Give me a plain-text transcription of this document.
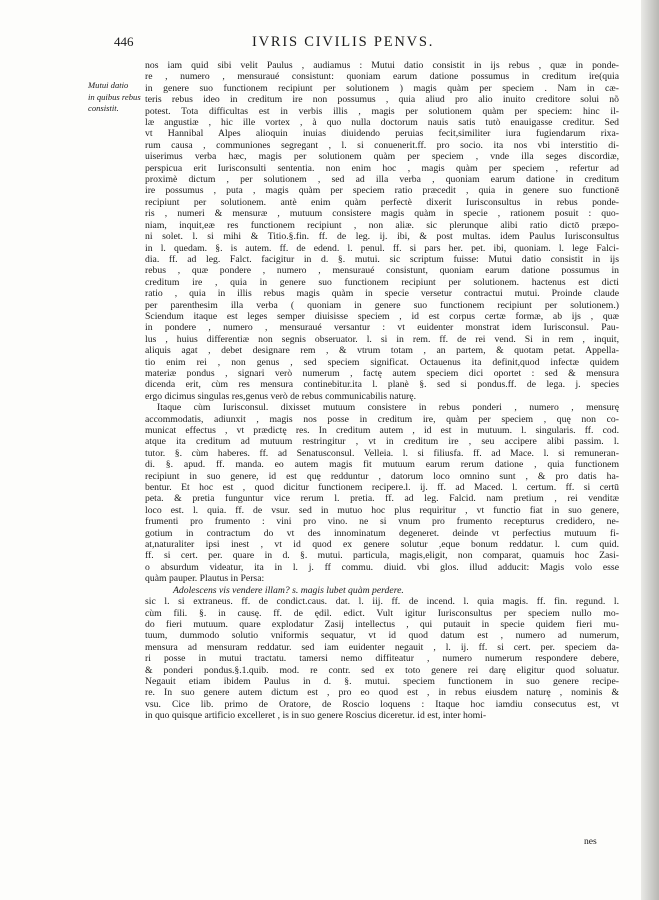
446	IVRIS CIVILIS PENVS.
Mutui datio
in quibus rebus
consistit.
nos iam quid sibi velit Paulus , audiamus : Mutui datio consistit in ijs rebus , quæ in ponde-
re , numero , mensuraué consistunt: quoniam earum datione possumus in creditum ire(quia
in genere suo functionem recipiunt per solutionem ) magis quàm per speciem . Nam in cæ-
teris rebus ideo in creditum ire non possumus , quia aliud pro alio inuito creditore solui nõ
potest. Tota difficultas est in verbis illis , magis per solutionem quàm per speciem: hinc il-
læ angustiæ , hic ille vortex , à quo nulla doctorum nauis satis tutò enauigasse creditur. Sed
vt Hannibal Alpes alioquin inuias diuidendo peruias fecit,similiter iura fugiendarum rixa-
rum causa , communiones segregant , l. si conuenerit.ff. pro socio. ita nos vbi interstitio di-
uiserimus verba hæc, magis per solutionem quàm per speciem , vnde illa seges discordiæ,
perspicua erit Iurisconsulti sententia. non enim hoc , magis quàm per speciem , refertur ad
proximè dictum , per solutionem , sed ad illa verba , quoniam earum datione in creditum
ire possumus , puta , magis quàm per speciem ratio præcedit , quia in genere suo functionē
recipiunt per solutionem. antè enim quàm perfectè dixerit Iurisconsultus in rebus ponde-
ris , numeri & mensuræ , mutuum consistere magis quàm in specie , rationem posuit : quo-
niam, inquit,eæ res functionem recipiunt , non aliæ. sic plerunque alibi ratio dictō præpo-
ni solet. l. si mihi & Titio.§.fin. ff. de leg. ij. ibi, & post multas. idem Paulus Iurisconsultus
in l. quedam. §. is autem. ff. de edend. l. penul. ff. si pars her. pet. ibi, quoniam. l. lege Falci-
dia. ff. ad leg. Falct. facigitur in d. §. mutui. sic scriptum fuisse: Mutui datio consistit in ijs
rebus , quæ pondere , numero , mensuraué consistunt, quoniam earum datione possumus in
creditum ire , quia in genere suo functionem recipiunt per solutionem. hactenus est dicti
ratio , quia in illis rebus magis quàm in specie versetur contractui mutui. Proinde claude
per parenthesim illa verba ( quoniam in genere suo functionem recipiunt per solutionem.)
Sciendum itaque est leges semper diuisisse speciem , id est corpus certæ formæ, ab ijs , quæ
in pondere , numero , mensuraué versantur : vt euidenter monstrat idem Iurisconsul. Pau-
lus , huius differentiæ non segnis obseruator. l. si in rem. ff. de rei vend. Si in rem , inquit,
aliquis agat , debet designare rem , & vtrum totam , an partem, & quotam petat. Appella-
tio enim rei , non genus , sed speciem significat. Octauenus ita definit,quod infectæ quidem
materiæ pondus , signari verò numerum , factę autem speciem dici oportet : sed & mensura
dicenda erit, cùm res mensura continebitur.ita l. planè §. sed si pondus.ff. de lega. j. species
ergo dicimus singulas res,genus verò de rebus communicabilis naturę.
Itaque cùm Iurisconsul. dixisset mutuum consistere in rebus ponderi , numero , mensurę
accommodatis, adiunxit , magis nos posse in creditum ire, quàm per speciem , quę non co-
municat effectus , vt prædictę res. In creditum autem , id est in mutuum. l. singularis. ff. cod.
atque ita creditum ad mutuum restringitur , vt in creditum ire , seu accipere alibi passim. l.
tutor. §. cùm haberes. ff. ad Senatusconsul. Velleia. l. si filiusfa. ff. ad Mace. l. si remuneran-
di. §. apud. ff. manda. eo autem magis fit mutuum earum rerum datione , quia functionem
recipiunt in suo genere, id est quę redduntur , datorum loco omnino sunt , & pro datis ha-
bentur. Et hoc est , quod dicitur functionem recipere.l. ij. ff. ad Maced. l. certum. ff. si certū
peta. & pretia funguntur vice rerum l. pretia. ff. ad leg. Falcid. nam pretium , rei venditæ
loco est. l. quia. ff. de vsur. sed in mutuo hoc plus requiritur , vt functio fiat in suo genere,
frumenti pro frumento : vini pro vino. ne si vnum pro frumento recepturus credidero, ne-
gotium in contractum do vt des innominatum degeneret. deinde vt perfectius mutuum fi-
at,naturaliter ipsi inest , vt id quod ex genere solutur ,eque bonum reddatur. l. cum quid.
ff. si cert. per. quare in d. §. mutui. particula, magis,eligit, non comparat, quamuis hoc Zasi-
o absurdum videatur, ita in l. j. ff commu. diuid. vbi glos. illud adducit: Magis volo esse
quàm pauper. Plautus in Persa:
Adolescens vis vendere illam? s. magis lubet quàm perdere.
sic l. si extraneus. ff. de condict.caus. dat. l. iij. ff. de incend. l. quia magis. ff. fin. regund. l.
cùm fili. §. in causę. ff. de ędil. edict. Vult igitur Iurisconsultus per speciem nullo mo-
do fieri mutuum. quare explodatur Zasij intellectus , qui putauit in specie quidem fieri mu-
tuum, dummodo solutio vniformis sequatur, vt id quod datum est , numero ad numerum,
mensura ad mensuram reddatur. sed iam euidenter negauit , l. ij. ff. si cert. per. speciem da-
ri posse in mutui tractatu. tamersi nemo diffiteatur , numero numerum respondere debere,
& ponderi pondus.§.1.quib. mod. re contr. sed ex toto genere rei darę eligitur quod soluatur.
Negauit etiam ibidem Paulus in d. §. mutui. speciem functionem in suo genere recipe-
re. In suo genere autem dictum est , pro eo quod est , in rebus eiusdem naturę , nominis &
vsu. Cice lib. primo de Oratore, de Roscio loquens : Itaque hoc iamdiu consecutus est, vt
in quo quisque artificio excelleret , is in suo genere Roscius diceretur. id est, inter homi-
nes
